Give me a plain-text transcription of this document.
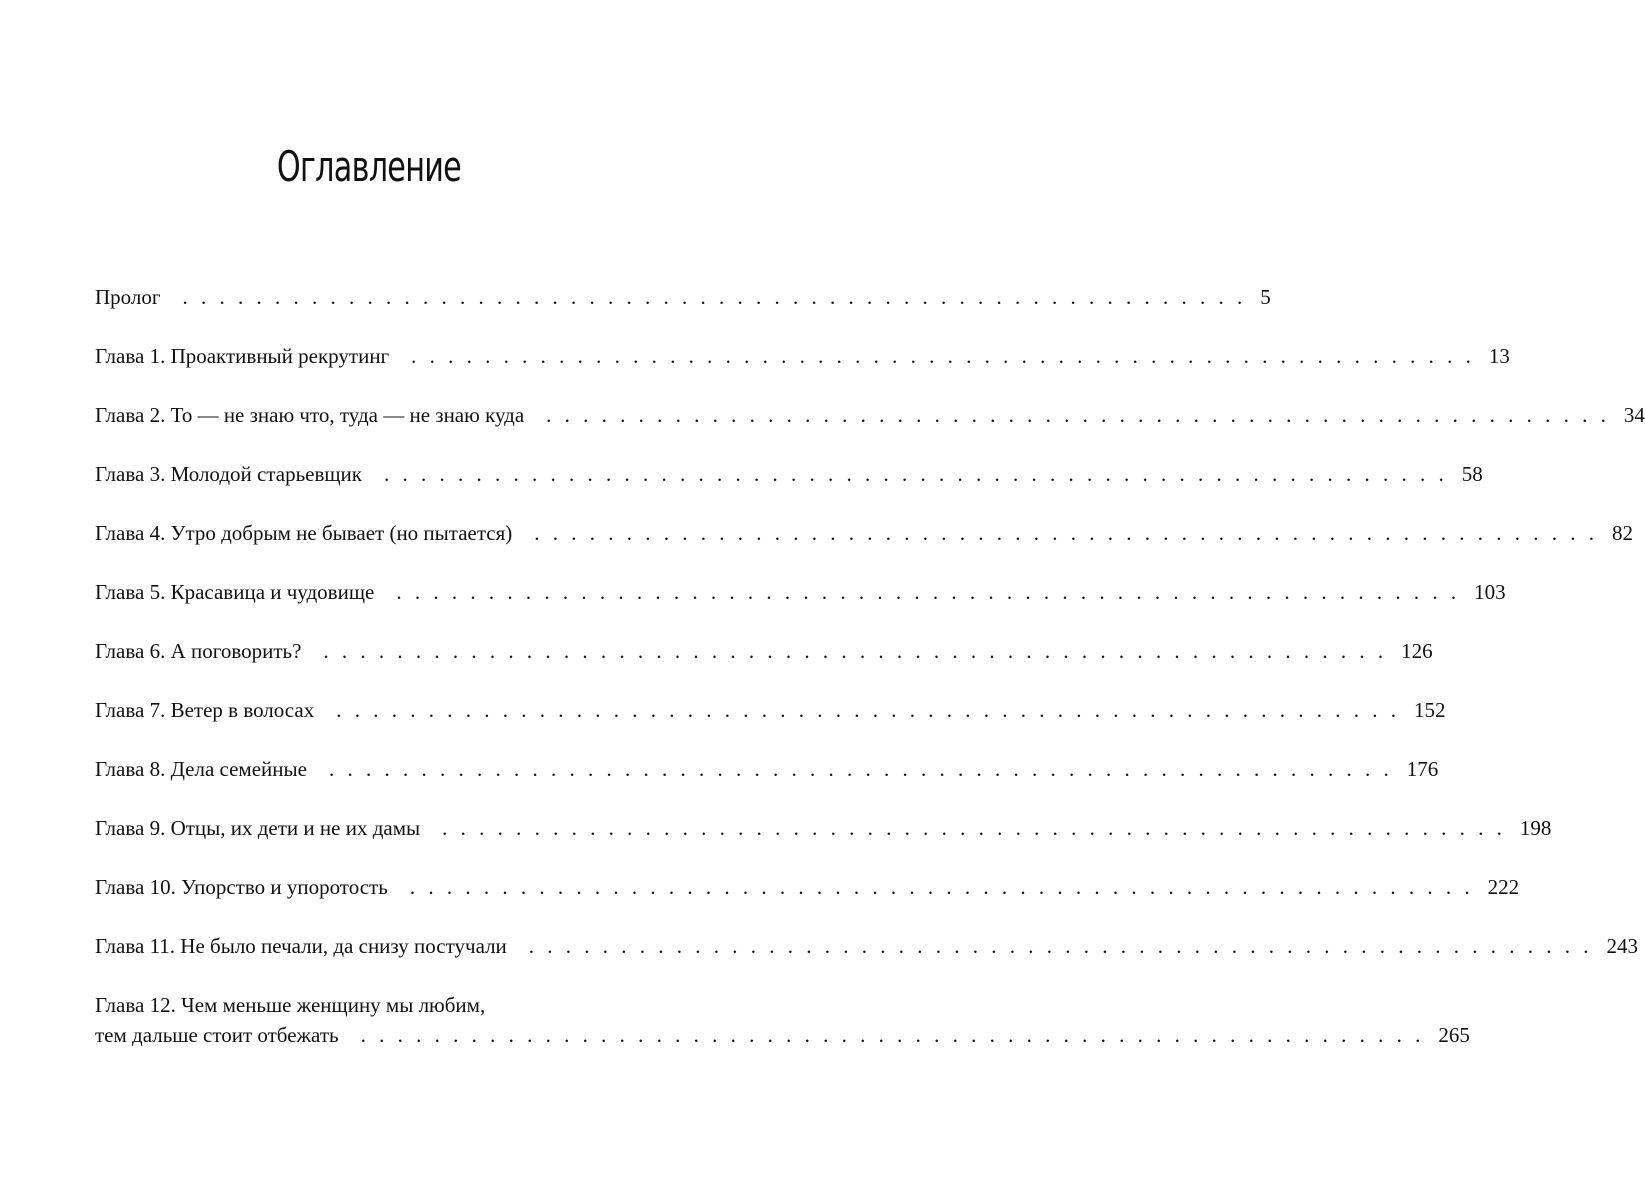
Оглавление
Пролог	. . . . . . . . . . . . . . . . . . . . . . . . . . . . . . . . . . . . . . . . . . . . . . . . . . . . . . . . . . 5
Глава 1. Проактивный рекрутинг	. . . . . . . . . . . . . . . . . . . . . . . . . . . . . . . . . . . . . . . . . . . . . . . . . . . . . . . . . . 13
Глава 2. То — не знаю что, туда — не знаю куда	. . . . . . . . . . . . . . . . . . . . . . . . . . . . . . . . . . . . . . . . . . . . . . . . . . . . . . . . . . 34
Глава 3. Молодой старьевщик	. . . . . . . . . . . . . . . . . . . . . . . . . . . . . . . . . . . . . . . . . . . . . . . . . . . . . . . . . . 58
Глава 4. Утро добрым не бывает (но пытается)	. . . . . . . . . . . . . . . . . . . . . . . . . . . . . . . . . . . . . . . . . . . . . . . . . . . . . . . . . . 82
Глава 5. Красавица и чудовище	. . . . . . . . . . . . . . . . . . . . . . . . . . . . . . . . . . . . . . . . . . . . . . . . . . . . . . . . . . 103
Глава 6. А поговорить?	. . . . . . . . . . . . . . . . . . . . . . . . . . . . . . . . . . . . . . . . . . . . . . . . . . . . . . . . . . 126
Глава 7. Ветер в волосах	. . . . . . . . . . . . . . . . . . . . . . . . . . . . . . . . . . . . . . . . . . . . . . . . . . . . . . . . . . 152
Глава 8. Дела семейные	. . . . . . . . . . . . . . . . . . . . . . . . . . . . . . . . . . . . . . . . . . . . . . . . . . . . . . . . . . 176
Глава 9. Отцы, их дети и не их дамы	. . . . . . . . . . . . . . . . . . . . . . . . . . . . . . . . . . . . . . . . . . . . . . . . . . . . . . . . . . 198
Глава 10. Упорство и упоротость	. . . . . . . . . . . . . . . . . . . . . . . . . . . . . . . . . . . . . . . . . . . . . . . . . . . . . . . . . . 222
Глава 11. Не было печали, да снизу постучали	. . . . . . . . . . . . . . . . . . . . . . . . . . . . . . . . . . . . . . . . . . . . . . . . . . . . . . . . . . 243
Глава 12. Чем меньше женщину мы любим,
тем дальше стоит отбежать	. . . . . . . . . . . . . . . . . . . . . . . . . . . . . . . . . . . . . . . . . . . . . . . . . . . . . . . . . . 265
